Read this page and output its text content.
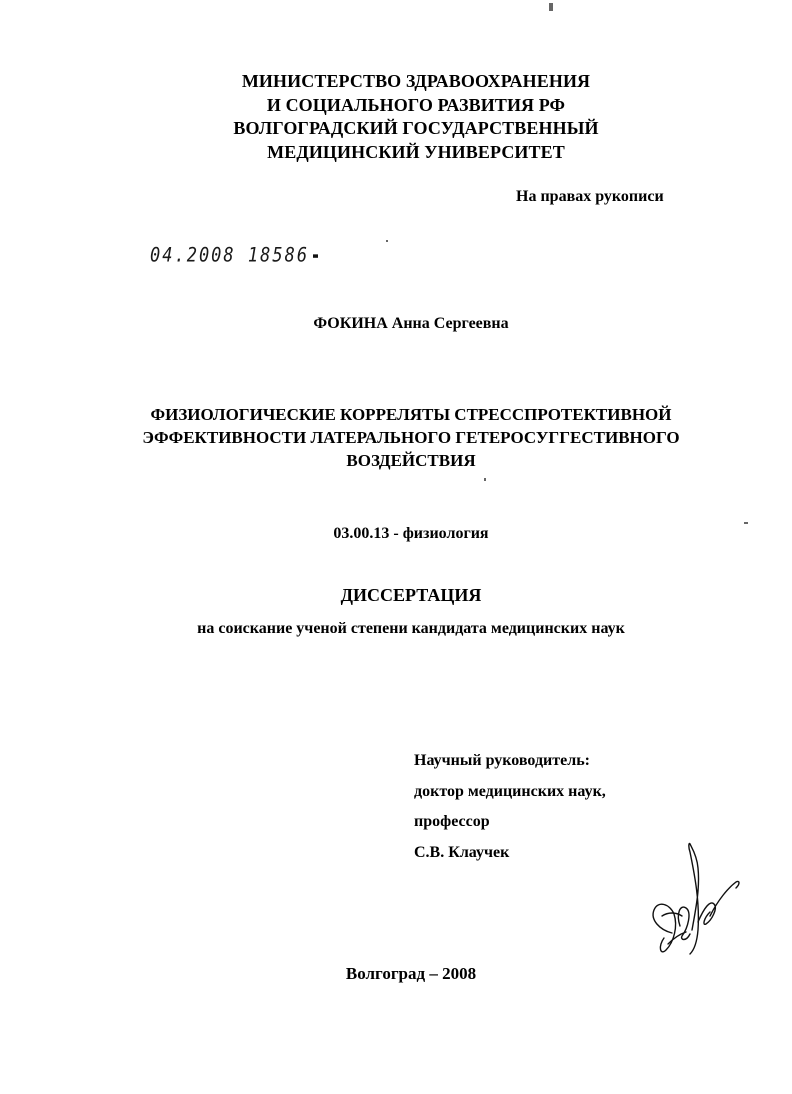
МИНИСТЕРСТВО ЗДРАВООХРАНЕНИЯ
И СОЦИАЛЬНОГО РАЗВИТИЯ РФ
ВОЛГОГРАДСКИЙ ГОСУДАРСТВЕННЫЙ
МЕДИЦИНСКИЙ УНИВЕРСИТЕТ
На правах рукописи
04.2008 18586
ФОКИНА Анна Сергеевна
ФИЗИОЛОГИЧЕСКИЕ КОРРЕЛЯТЫ СТРЕССПРОТЕКТИВНОЙ
ЭФФЕКТИВНОСТИ ЛАТЕРАЛЬНОГО ГЕТЕРОСУГГЕСТИВНОГО
ВОЗДЕЙСТВИЯ
03.00.13 - физиология
ДИССЕРТАЦИЯ
на соискание ученой степени кандидата медицинских наук
Научный руководитель:
доктор медицинских наук,
профессор
С.В. Клаучек
Волгоград – 2008
